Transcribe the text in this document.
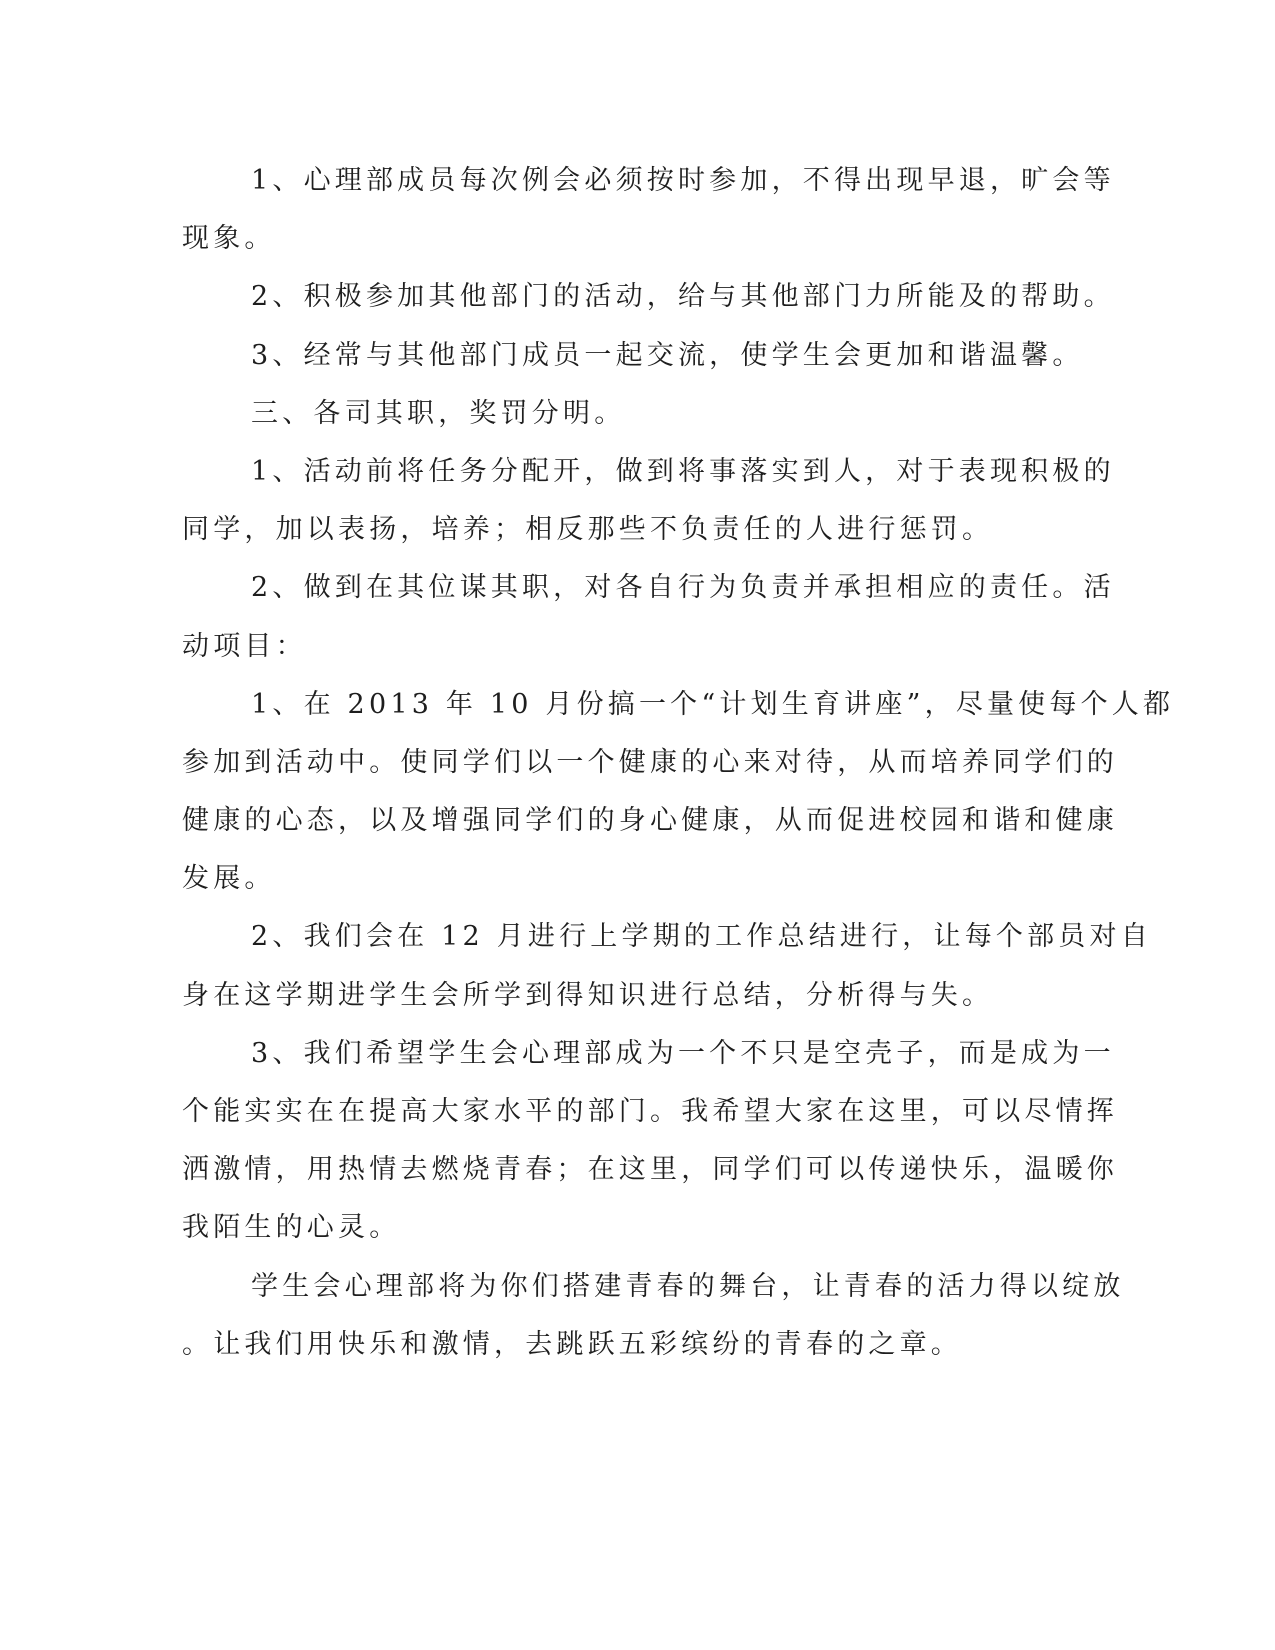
1、心理部成员每次例会必须按时参加，不得出现早退，旷会等
现象。
2、积极参加其他部门的活动，给与其他部门力所能及的帮助。
3、经常与其他部门成员一起交流，使学生会更加和谐温馨。
三、各司其职，奖罚分明。
1、活动前将任务分配开，做到将事落实到人，对于表现积极的
同学，加以表扬，培养；相反那些不负责任的人进行惩罚。
2、做到在其位谋其职，对各自行为负责并承担相应的责任。活
动项目：
1、在 2013 年 10 月份搞一个“计划生育讲座”，尽量使每个人都
参加到活动中。使同学们以一个健康的心来对待，从而培养同学们的
健康的心态，以及增强同学们的身心健康，从而促进校园和谐和健康
发展。
2、我们会在 12 月进行上学期的工作总结进行，让每个部员对自
身在这学期进学生会所学到得知识进行总结，分析得与失。
3、我们希望学生会心理部成为一个不只是空壳子，而是成为一
个能实实在在提高大家水平的部门。我希望大家在这里，可以尽情挥
洒激情，用热情去燃烧青春；在这里，同学们可以传递快乐，温暖你
我陌生的心灵。
学生会心理部将为你们搭建青春的舞台，让青春的活力得以绽放
。让我们用快乐和激情，去跳跃五彩缤纷的青春的之章。
